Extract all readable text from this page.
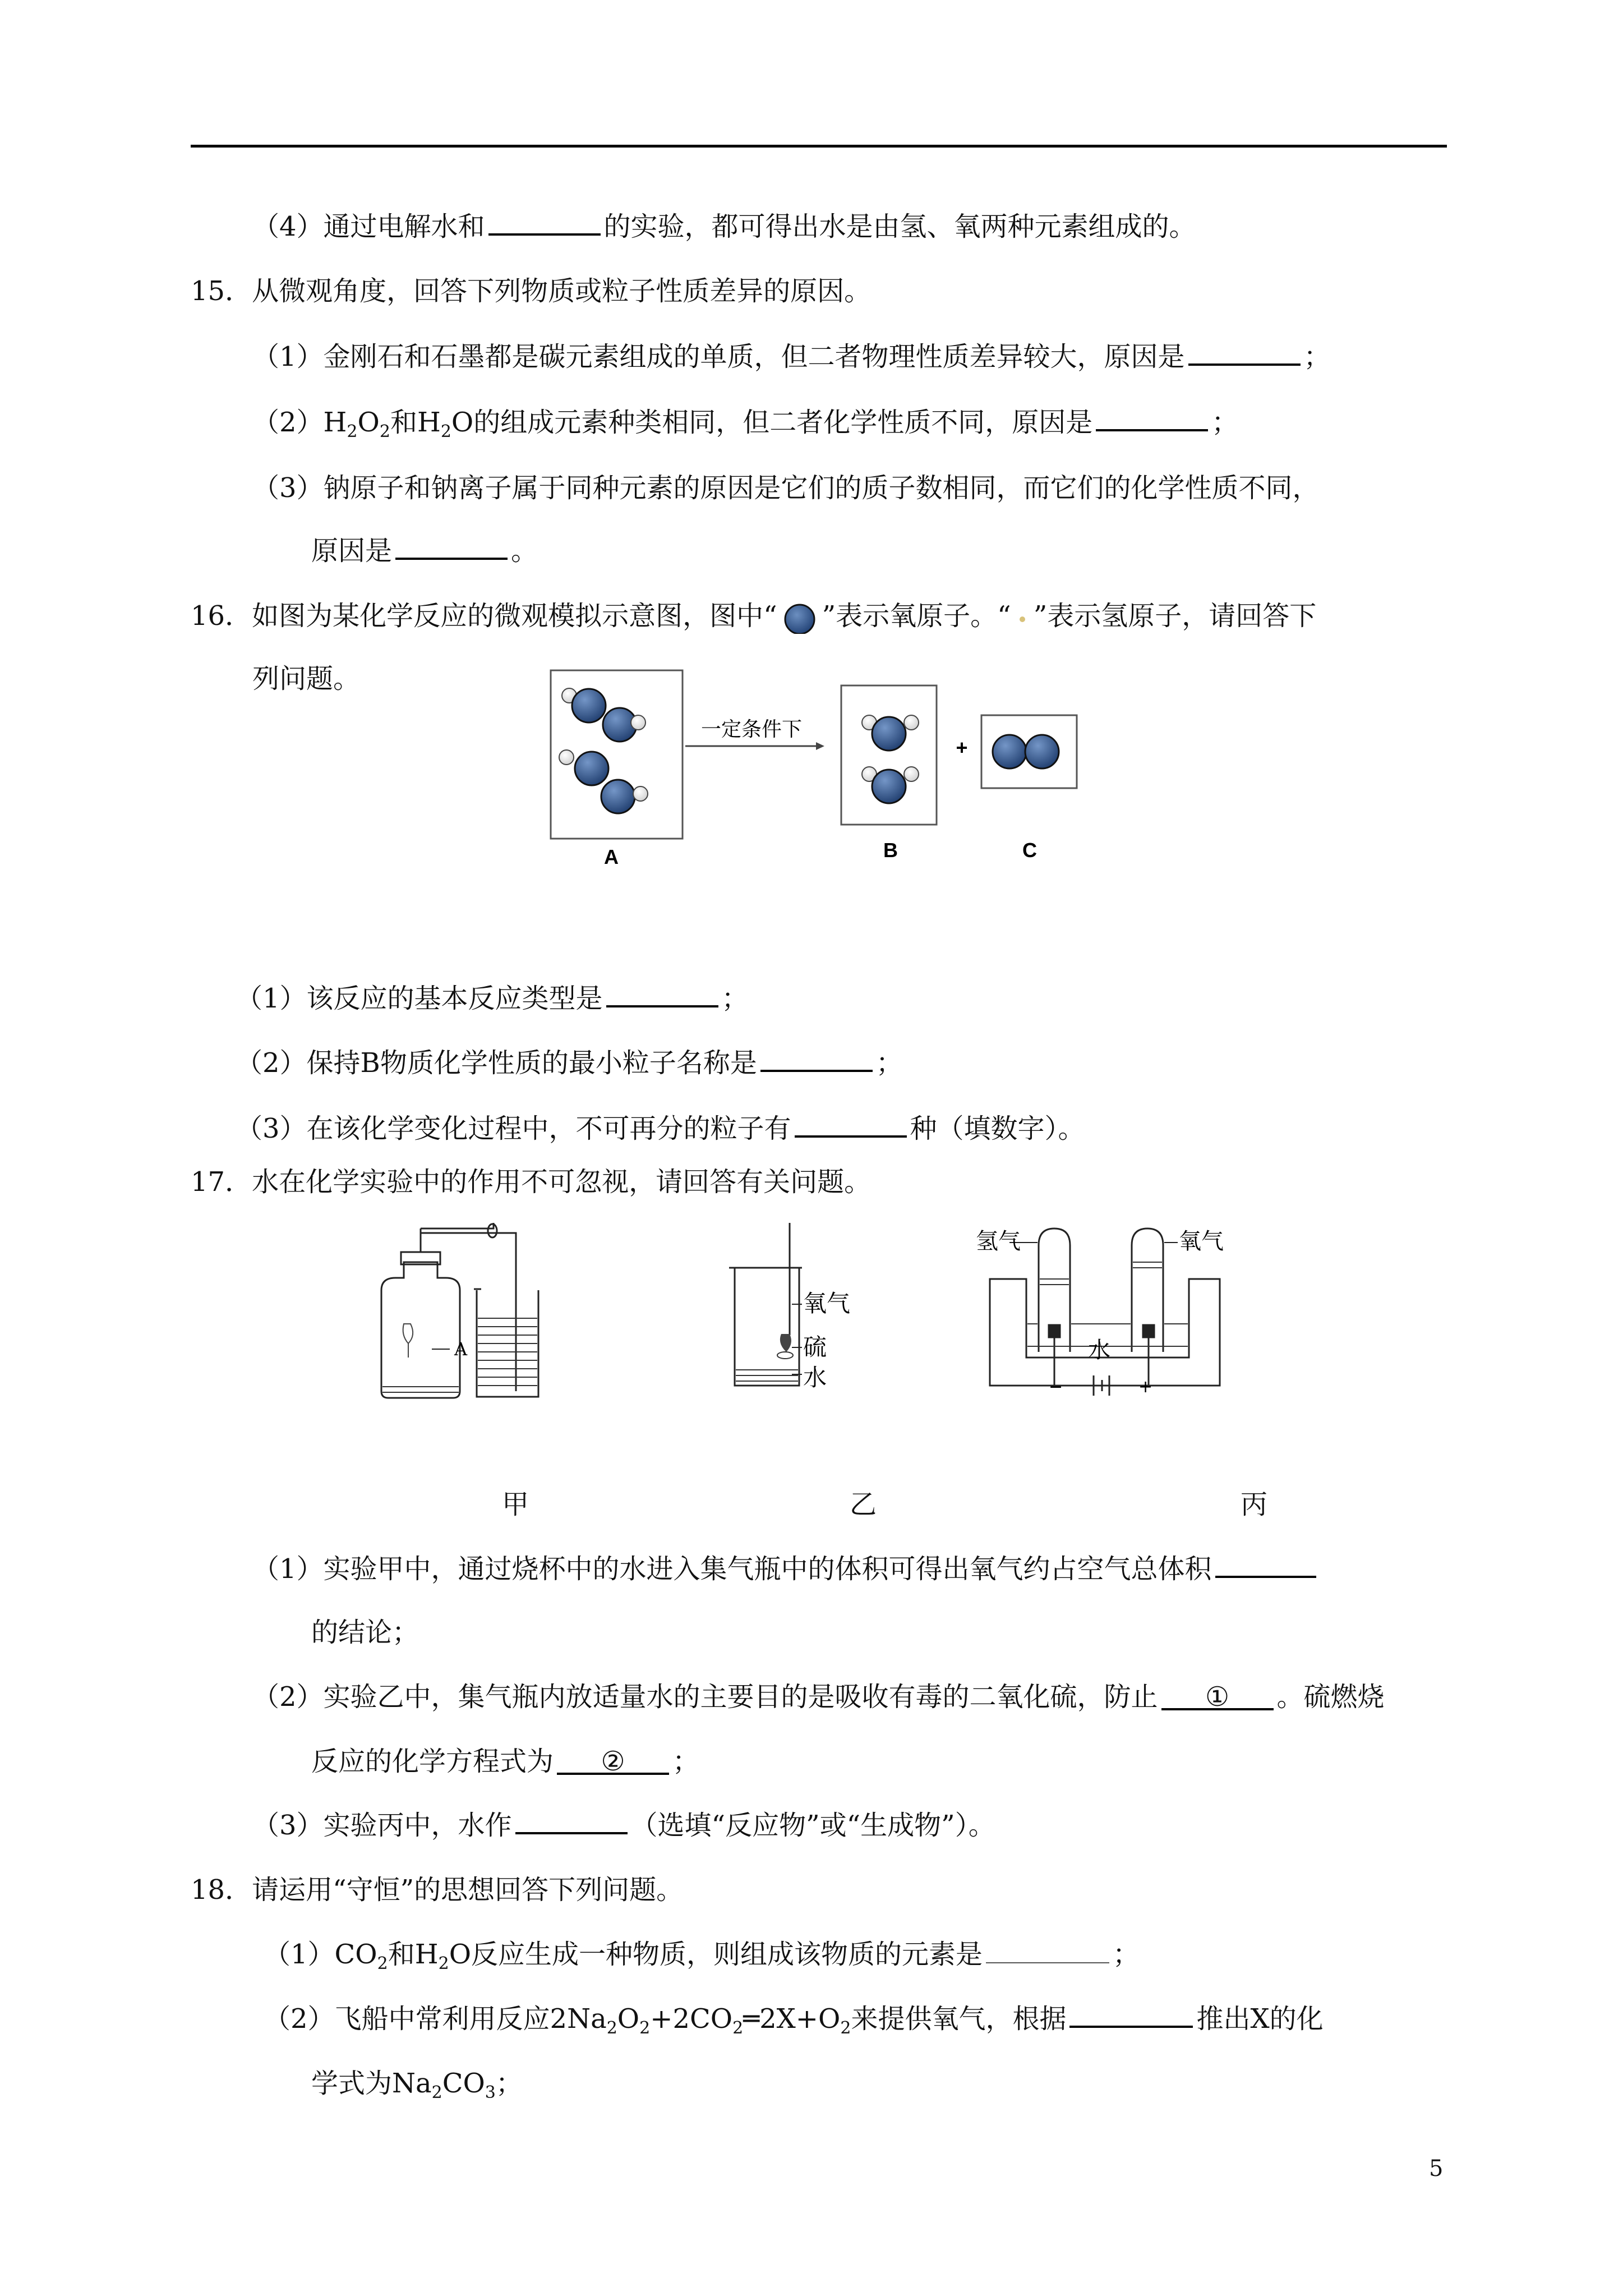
（4）通过电解水和	的实验，都可得出水是由氢、氧两种元素组成的。
15．从微观角度，回答下列物质或粒子性质差异的原因。
（1）金刚石和石墨都是碳元素组成的单质，但二者物理性质差异较大，原因是	；
$(2)H_2O_2$和$H_2O$的组成元素种类相同，但二者化学性质不同，原因是	；
（3）钠原子和钠离子属于同种元素的原因是它们的质子数相同，而它们的化学性质不同，
原因是	。
16．如图为某化学反应的微观模拟示意图，图中“ ”表示氧原子。“ ”表示氢原子，请回答下
列问题。
一定条件下
+
A	B	C
（1）该反应的基本反应类型是	；
（2）保持B物质化学性质的最小粒子名称是	；
（3）在该化学变化过程中，不可再分的粒子有	种（填数字）。
17．水在化学实验中的作用不可忽视，请回答有关问题。
A
氧气
硫
水
氢气	氧气
水
−	+
甲	乙	丙
（1）实验甲中，通过烧杯中的水进入集气瓶中的体积可得出氧气约占空气总体积
的结论；
（2）实验乙中，集气瓶内放适量水的主要目的是吸收有毒的二氧化硫，防止 ① 。硫燃烧
反应的化学方程式为 ② ；
（3）实验丙中，水作	（选填“反应物”或“生成物”）。
18．请运用“守恒”的思想回答下列问题。
$(1)CO_2$和$H_2O$反应生成一种物质，则组成该物质的元素是	；
（2）飞船中常利用反应$2Na_2O_2+2CO_2═2X+O_2$来提供氧气，根据	推出X的化
学式为$Na_2CO_3$；
5
